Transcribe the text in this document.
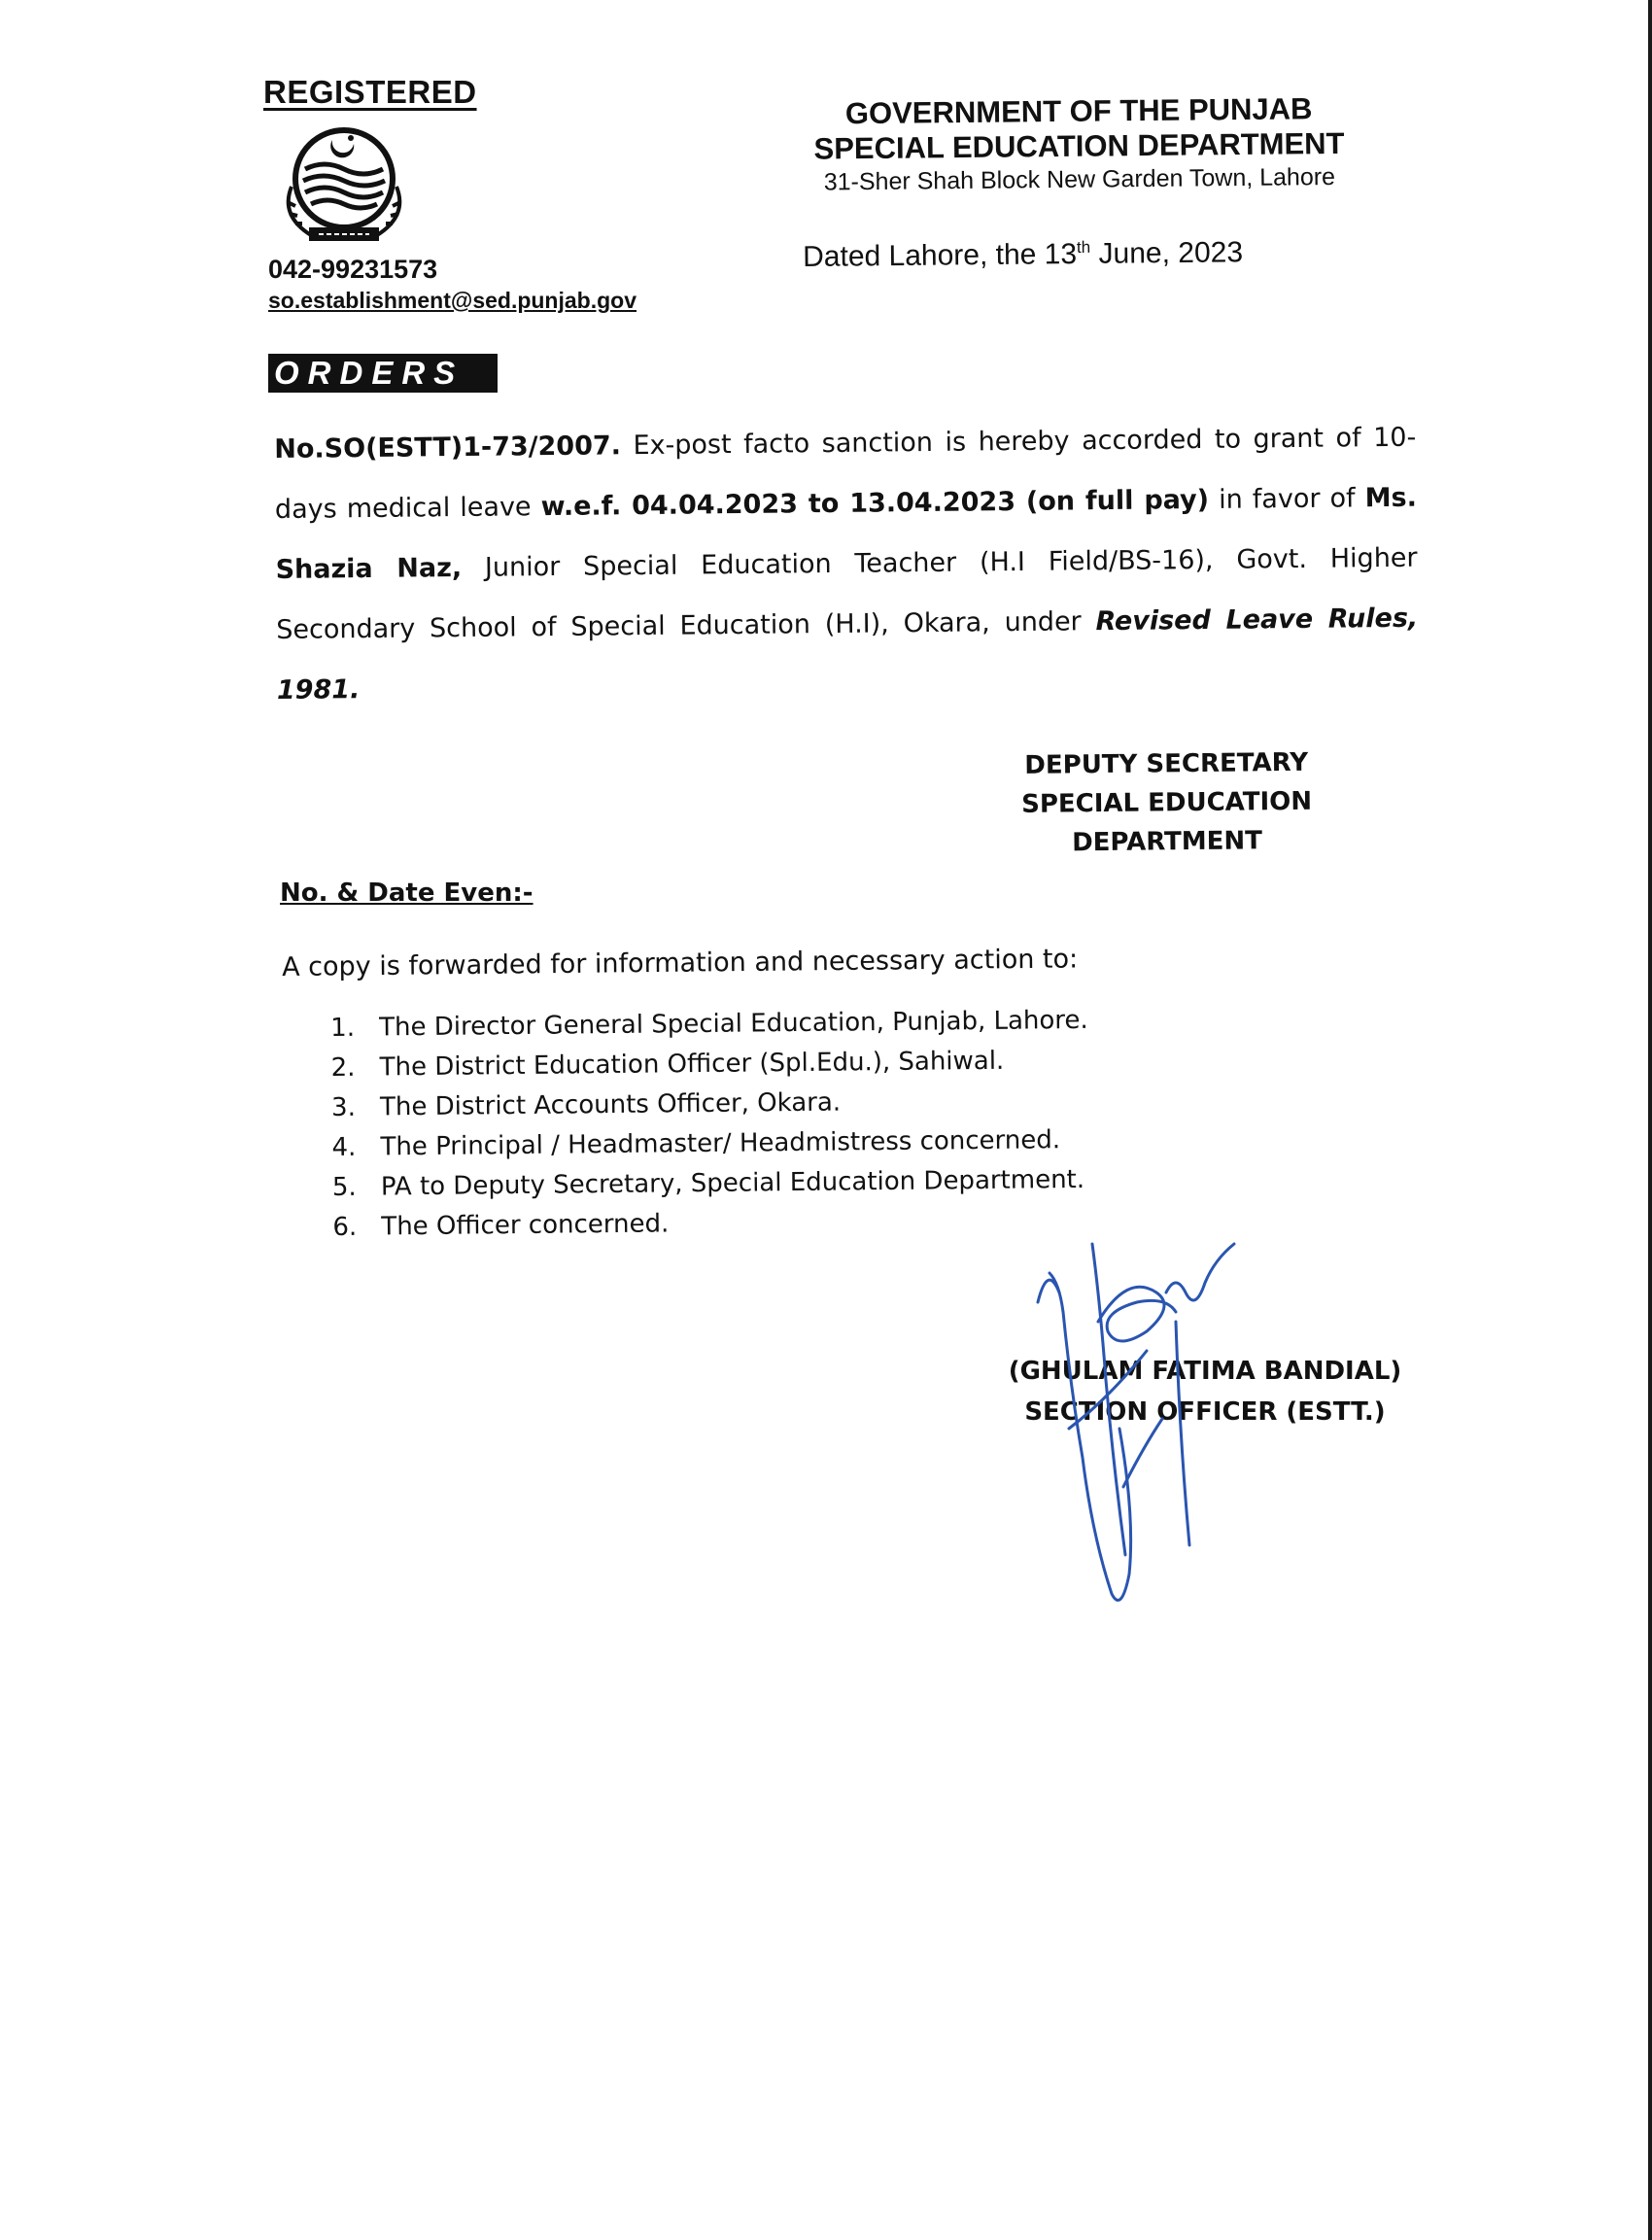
REGISTERED
042-99231573
so.establishment@sed.punjab.gov
GOVERNMENT OF THE PUNJAB
SPECIAL EDUCATION DEPARTMENT
31-Sher Shah Block New Garden Town, Lahore
Dated Lahore, the 13th June, 2023
ORDERS
No.SO(ESTT)1-73/2007. Ex-post facto sanction is hereby accorded to grant of 10-days medical leave w.e.f. 04.04.2023 to 13.04.2023 (on full pay) in favor of Ms. Shazia Naz, Junior Special Education Teacher (H.I Field/BS-16), Govt. Higher Secondary School of Special Education (H.I), Okara, under Revised Leave Rules, 1981.
DEPUTY SECRETARY
SPECIAL EDUCATION
DEPARTMENT
No. & Date Even:-
A copy is forwarded for information and necessary action to:
1. The Director General Special Education, Punjab, Lahore.
2. The District Education Officer (Spl.Edu.), Sahiwal.
3. The District Accounts Officer, Okara.
4. The Principal / Headmaster/ Headmistress concerned.
5. PA to Deputy Secretary, Special Education Department.
6. The Officer concerned.
(GHULAM FATIMA BANDIAL)
SECTION OFFICER (ESTT.)
